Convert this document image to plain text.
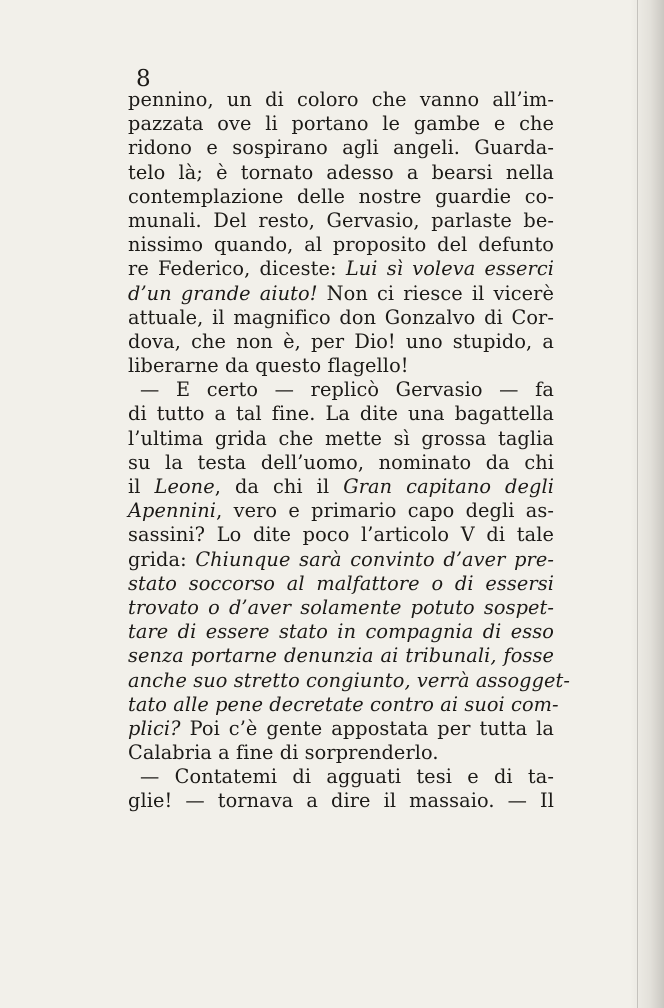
8
pennino, un di coloro che vanno all’im-
pazzata ove li portano le gambe e che
ridono e sospirano agli angeli. Guarda-
telo là; è tornato adesso a bearsi nella
contemplazione delle nostre guardie co-
munali. Del resto, Gervasio, parlaste be-
nissimo quando, al proposito del defunto
re Federico, diceste: Lui sì voleva esserci
d’un grande aiuto! Non ci riesce il vicerè
attuale, il magnifico don Gonzalvo di Cor-
dova, che non è, per Dio! uno stupido, a
liberarne da questo flagello!
— E certo — replicò Gervasio — fa
di tutto a tal fine. La dite una bagattella
l’ultima grida che mette sì grossa taglia
su la testa dell’uomo, nominato da chi
il Leone, da chi il Gran capitano degli
Apennini, vero e primario capo degli as-
sassini? Lo dite poco l’articolo V di tale
grida: Chiunque sarà convinto d’aver pre-
stato soccorso al malfattore o di essersi
trovato o d’aver solamente potuto sospet-
tare di essere stato in compagnia di esso
senza portarne denunzia ai tribunali, fosse
anche suo stretto congiunto, verrà assogget-
tato alle pene decretate contro ai suoi com-
plici? Poi c’è gente appostata per tutta la
Calabria a fine di sorprenderlo.
— Contatemi di agguati tesi e di ta-
glie! — tornava a dire il massaio. — Il
